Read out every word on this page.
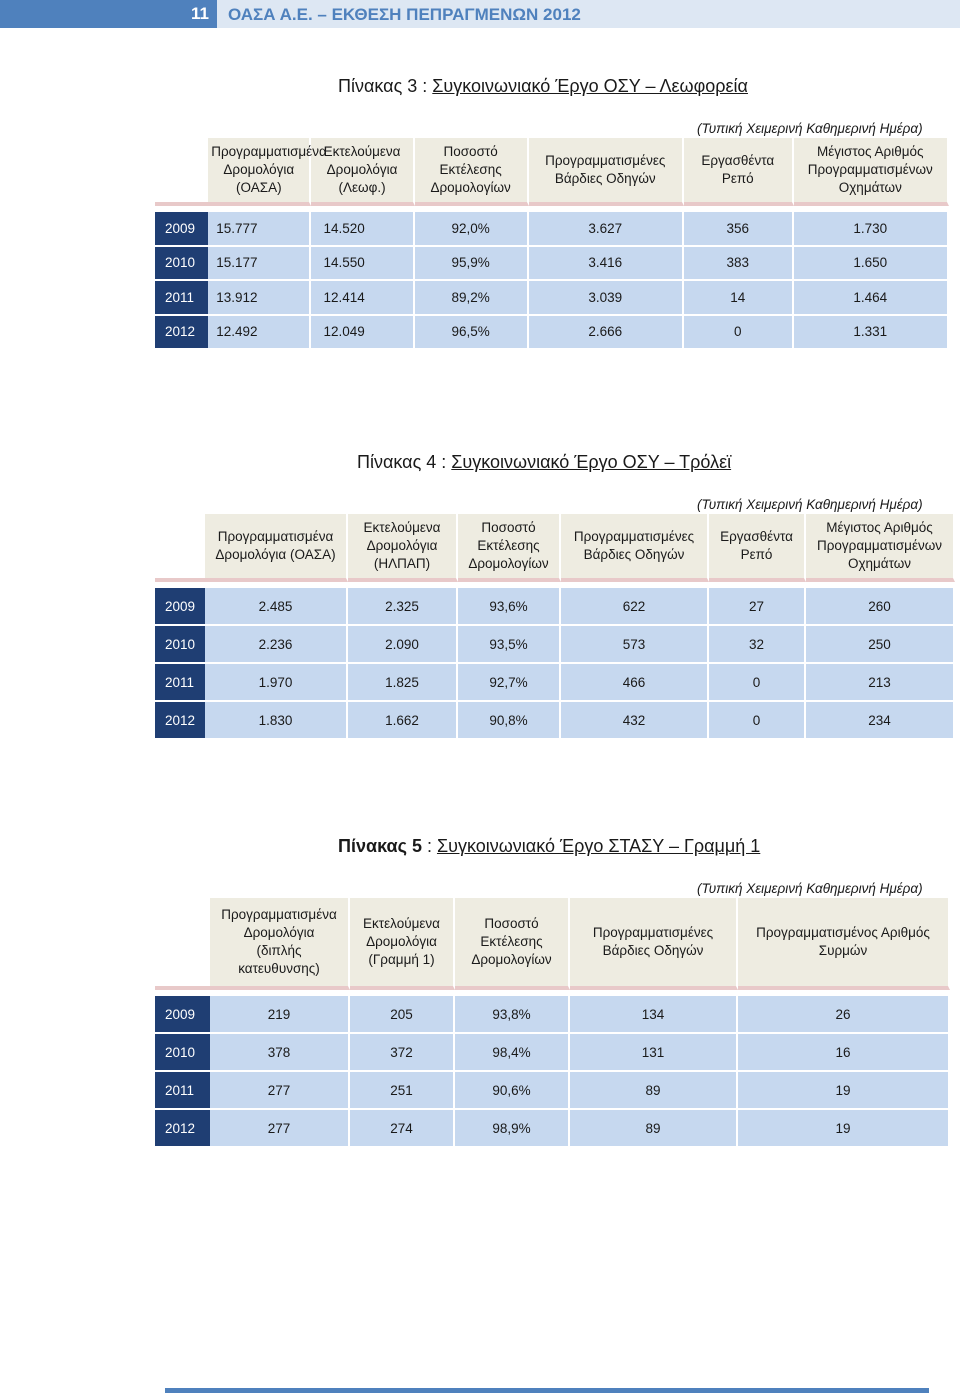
11	ΟΑΣΑ Α.Ε. – ΕΚΘΕΣΗ ΠΕΠΡΑΓΜΕΝΩΝ 2012
Πίνακας 3 : Συγκοινωνιακό Έργο ΟΣΥ – Λεωφορεία
(Τυπική Χειμερινή Καθημερινή Ημέρα)
	Προγραμματισμένα
Δρομολόγια
(ΟΑΣΑ)	Εκτελούμενα
Δρομολόγια
(Λεωφ.)	Ποσοστό
Εκτέλεσης
Δρομολογίων	Προγραμματισμένες
Βάρδιες Οδηγών	Εργασθέντα
Ρεπό	Μέγιστος Αριθμός
Προγραμματισμένων
Οχημάτων

2009	15.777	14.520	92,0%	3.627	356	1.730
2010	15.177	14.550	95,9%	3.416	383	1.650
2011	13.912	12.414	89,2%	3.039	14	1.464
2012	12.492	12.049	96,5%	2.666	0	1.331
Πίνακας 4 : Συγκοινωνιακό Έργο ΟΣΥ – Τρόλεϊ
(Τυπική Χειμερινή Καθημερινή Ημέρα)
	Προγραμματισμένα
Δρομολόγια (ΟΑΣΑ)	Εκτελούμενα
Δρομολόγια
(ΗΛΠΑΠ)	Ποσοστό
Εκτέλεσης
Δρομολογίων	Προγραμματισμένες
Βάρδιες Οδηγών	Εργασθέντα
Ρεπό	Μέγιστος Αριθμός
Προγραμματισμένων
Οχημάτων

2009	2.485	2.325	93,6%	622	27	260
2010	2.236	2.090	93,5%	573	32	250
2011	1.970	1.825	92,7%	466	0	213
2012	1.830	1.662	90,8%	432	0	234
Πίνακας 5 : Συγκοινωνιακό Έργο ΣΤΑΣΥ – Γραμμή 1
(Τυπική Χειμερινή Καθημερινή Ημέρα)
	Προγραμματισμένα
Δρομολόγια
(διπλής
κατευθυνσης)	Εκτελούμενα
Δρομολόγια
(Γραμμή 1)	Ποσοστό
Εκτέλεσης
Δρομολογίων	Προγραμματισμένες
Βάρδιες Οδηγών	Προγραμματισμένος Αριθμός
Συρμών

2009	219	205	93,8%	134	26
2010	378	372	98,4%	131	16
2011	277	251	90,6%	89	19
2012	277	274	98,9%	89	19
